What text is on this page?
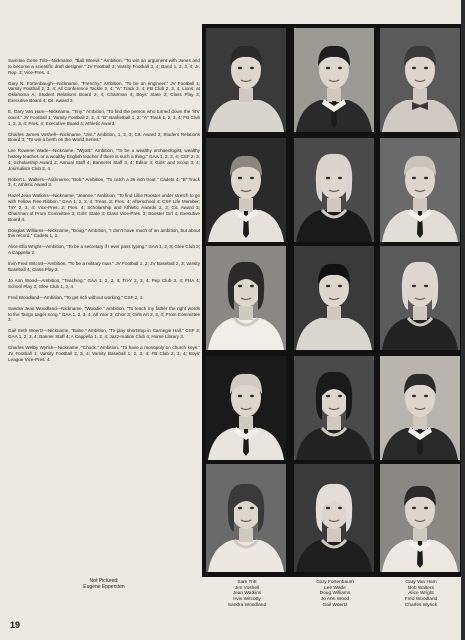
Sammie Gene Tritt—Nickname, "Ball Weevil." Ambition, "To win an argument with Jones and to become a scientific draft designer." JV Football 2; Varsity Football 3, 4; Band 1, 2, 3, 4; Jr. Rep. 3; Vice-Pres. 4.

Gary N. Fortenbaugh—Nickname, "Frenchy." Ambition, "To be an engineer." JV Football 1; Varsity Football 2, 3, 4; All Conference Tackle 3, 4; "A" Track 3, 4; FB Club 2, 3, 4; Lions; at Oklahoma A; Student Relations Board 2, 4; Chairman 4; Boys' State 3; Class Play 3; Executive Board 4; Cit. Award 2.

E. Gary Van Ham—Nickname, "Tiny." Ambition, "To find the person who turned down the 'lit's' count." JV Football 1; Varsity Football 2, 3, 4; "B" Basketball 1, 2; "A" Track 1, 2, 3, 4; FB Club 1, 2, 3, 4; Pres. 4; Executive Board 4; Athletic Award.

Charles James Voshell—Nickname, "Jim." Ambition, 1, 2, 3; Cit. Award 3; Student Relations Board 3; "To win a berth on the World Series."

Lee Rowene Wade—Nickname, "Wyatt." Ambition, "To be a wealthy archaeologist, wealthy history teacher, or a wealthy English teacher if there is such a thing." GAA 1, 2, 3, 4; CSF 2, 3, 4; Scholarship Award 2; Annual Staff 4; Banneret Staff 3, 4; Editor 4; Girls' and Scout 3, 4; Journalism Club 2, 4.

Robert L. Walters—Nickname, "Bob." Ambition, "To catch a 36 inch trout." Cadets 4; "B" Track 3, 4; Athletic Award 3.

Hazel Jean Watkins—Nickname, "Jeanne." Ambition, "To find Lillie Rooster under stretch to go with Fellow Flee Ribbon." GAA 1, 2, 3, 4; Treas. 3; Pres. 4; Afterschool 4; CSF Life Member; TriY 2, 3, 4; Vice-Pres. 2; Pres. 4; Scholarship and Athletic Awards 2, 3; Cit. Award 3; Chairman of Prom Committee 3; Girls' State 3; Class Vice-Pres. 3; Booster Girl 4; Executive Board 4.

Douglas Williams—Nickname, "Doug." Ambition, "I don't have much of an ambition, but about this record." Cadets 1, 2.

Alice Ella Wright—Ambition, "To be a secretary if I ever pass typing." GAA 1, 2, 3; Glee Club 3; A Cappella 2.

Irvin Fred Witcott—Ambition, "To be a military man." JV Football 1, 2; JV Baseball 2, 3; Varsity Baseball 4; Class Play 3.

Jo Ann Wood—Ambition, "Teaching." GAA 1, 2, 3, 4; Tri-Y 2, 3, 4; Pep Club 3, 4; FHA 4; School Play 3; Glee Club 1, 2, 4.

Fred Woodland—Ambition, "To get rich without working." CSF 2, 3.

Sandra Jean Woodland—Nickname, "Woodie." Ambition, "To teach my father the right words to the Tango Lager song." GAA 1, 2, 3, 4; All Year 3; Choir 3; Girls Art 2, 3, 4; Prom Committee 3.

Gail Seth Woertz—Nickname, "Babe." Ambition, "To play shortstop in Carnegie Hall." CSF 3; GAA 1, 2, 3, 4; Banner Staff 4; A Cappella 1, 2, 4; Jazz-mation Club 4; Home Library 3.

Charles Welby Wyrick—Nickname, "Chuck." Ambition, "To have a monopoly on church keys." JV Football 1; Varsity Football 2, 3, 4; Varsity Baseball 1, 2, 3, 4; FB Club 2, 3, 4; Boys' League Vice-Pres. 4.

Not Pictured:
Eugene Eppersten
19
Sam Tritt
Jim Voshell
Jean Watkins
Irvin Witcotty
Sandra Woodland
Gary Fortenbaum
Lee Wade
Doug Williams
Jo Ann Wood
Gail Woertz
Gary Van Ham
Bob Walters
Alice Wright
Fred Woodland
Charles Wyrick
